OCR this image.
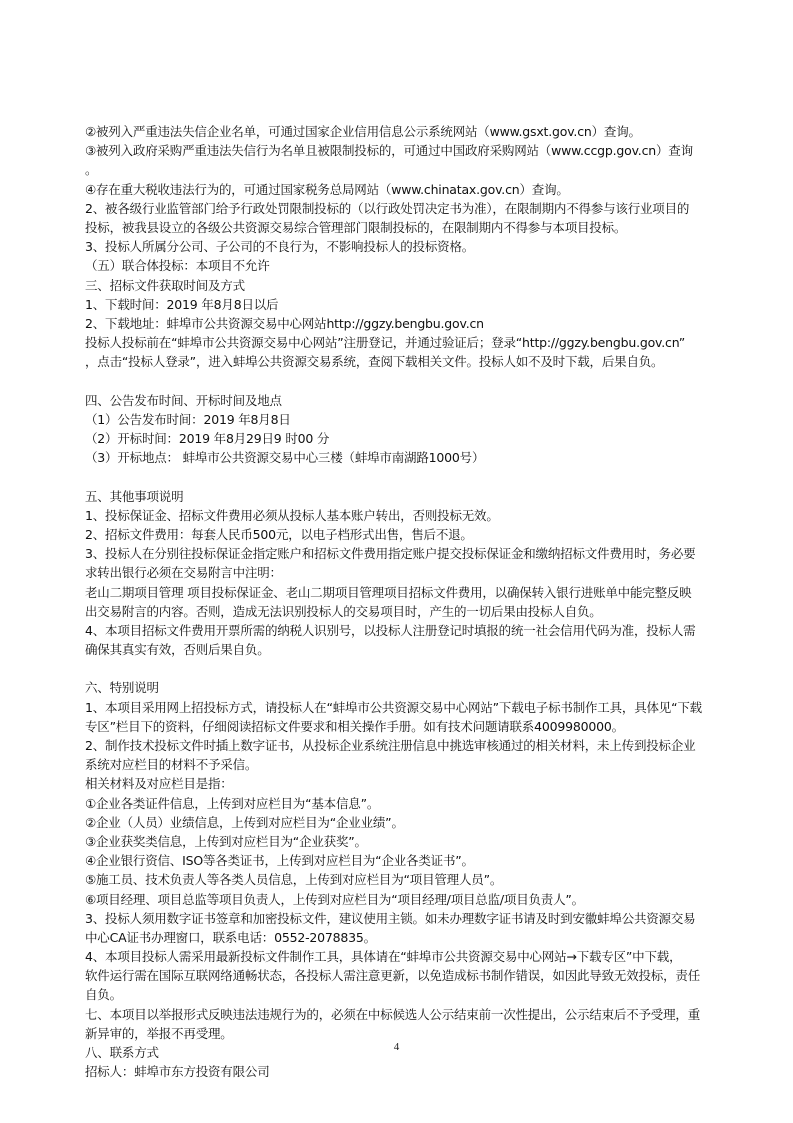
②被列入严重违法失信企业名单，可通过国家企业信用信息公示系统网站（www.gsxt.gov.cn）查询。
③被列入政府采购严重违法失信行为名单且被限制投标的，可通过中国政府采购网站（www.ccgp.gov.cn）查询
。
④存在重大税收违法行为的，可通过国家税务总局网站（www.chinatax.gov.cn）查询。
2、被各级行业监管部门给予行政处罚限制投标的（以行政处罚决定书为准），在限制期内不得参与该行业项目的
投标，被我县设立的各级公共资源交易综合管理部门限制投标的，在限制期内不得参与本项目投标。
3、投标人所属分公司、子公司的不良行为，不影响投标人的投标资格。
（五）联合体投标：本项目不允许
三、招标文件获取时间及方式
1、下载时间：2019 年8月8日以后
2、下载地址：蚌埠市公共资源交易中心网站http://ggzy.bengbu.gov.cn
投标人投标前在“蚌埠市公共资源交易中心网站”注册登记，并通过验证后；登录“http://ggzy.bengbu.gov.cn”
，点击“投标人登录”，进入蚌埠公共资源交易系统，查阅下载相关文件。投标人如不及时下载，后果自负。
四、公告发布时间、开标时间及地点
（1）公告发布时间：2019 年8月8日
（2）开标时间：2019 年8月29日9 时00 分
（3）开标地点： 蚌埠市公共资源交易中心三楼（蚌埠市南湖路1000号）
五、其他事项说明
1、投标保证金、招标文件费用必须从投标人基本账户转出，否则投标无效。
2、招标文件费用：每套人民币500元，以电子档形式出售，售后不退。
3、投标人在分别往投标保证金指定账户和招标文件费用指定账户提交投标保证金和缴纳招标文件费用时，务必要
求转出银行必须在交易附言中注明：
老山二期项目管理 项目投标保证金、老山二期项目管理项目招标文件费用，以确保转入银行进账单中能完整反映
出交易附言的内容。否则，造成无法识别投标人的交易项目时，产生的一切后果由投标人自负。
4、本项目招标文件费用开票所需的纳税人识别号，以投标人注册登记时填报的统一社会信用代码为准，投标人需
确保其真实有效，否则后果自负。
六、特别说明
1、本项目采用网上招投标方式，请投标人在“蚌埠市公共资源交易中心网站”下载电子标书制作工具，具体见“下载
专区”栏目下的资料，仔细阅读招标文件要求和相关操作手册。如有技术问题请联系4009980000。
2、制作技术投标文件时插上数字证书，从投标企业系统注册信息中挑选审核通过的相关材料，未上传到投标企业
系统对应栏目的材料不予采信。
相关材料及对应栏目是指：
①企业各类证件信息，上传到对应栏目为“基本信息”。
②企业（人员）业绩信息，上传到对应栏目为“企业业绩”。
③企业获奖类信息，上传到对应栏目为“企业获奖”。
④企业银行资信、ISO等各类证书，上传到对应栏目为“企业各类证书”。
⑤施工员、技术负责人等各类人员信息，上传到对应栏目为“项目管理人员”。
⑥项目经理、项目总监等项目负责人，上传到对应栏目为“项目经理/项目总监/项目负责人”。
3、投标人须用数字证书签章和加密投标文件，建议使用主锁。如未办理数字证书请及时到安徽蚌埠公共资源交易
中心CA证书办理窗口，联系电话：0552-2078835。
4、本项目投标人需采用最新投标文件制作工具，具体请在“蚌埠市公共资源交易中心网站→下载专区”中下载，
软件运行需在国际互联网络通畅状态，各投标人需注意更新，以免造成标书制作错误，如因此导致无效投标，责任
自负。
七、本项目以举报形式反映违法违规行为的，必须在中标候选人公示结束前一次性提出，公示结束后不予受理，重
新异审的，举报不再受理。
八、联系方式
招标人：蚌埠市东方投资有限公司
4
